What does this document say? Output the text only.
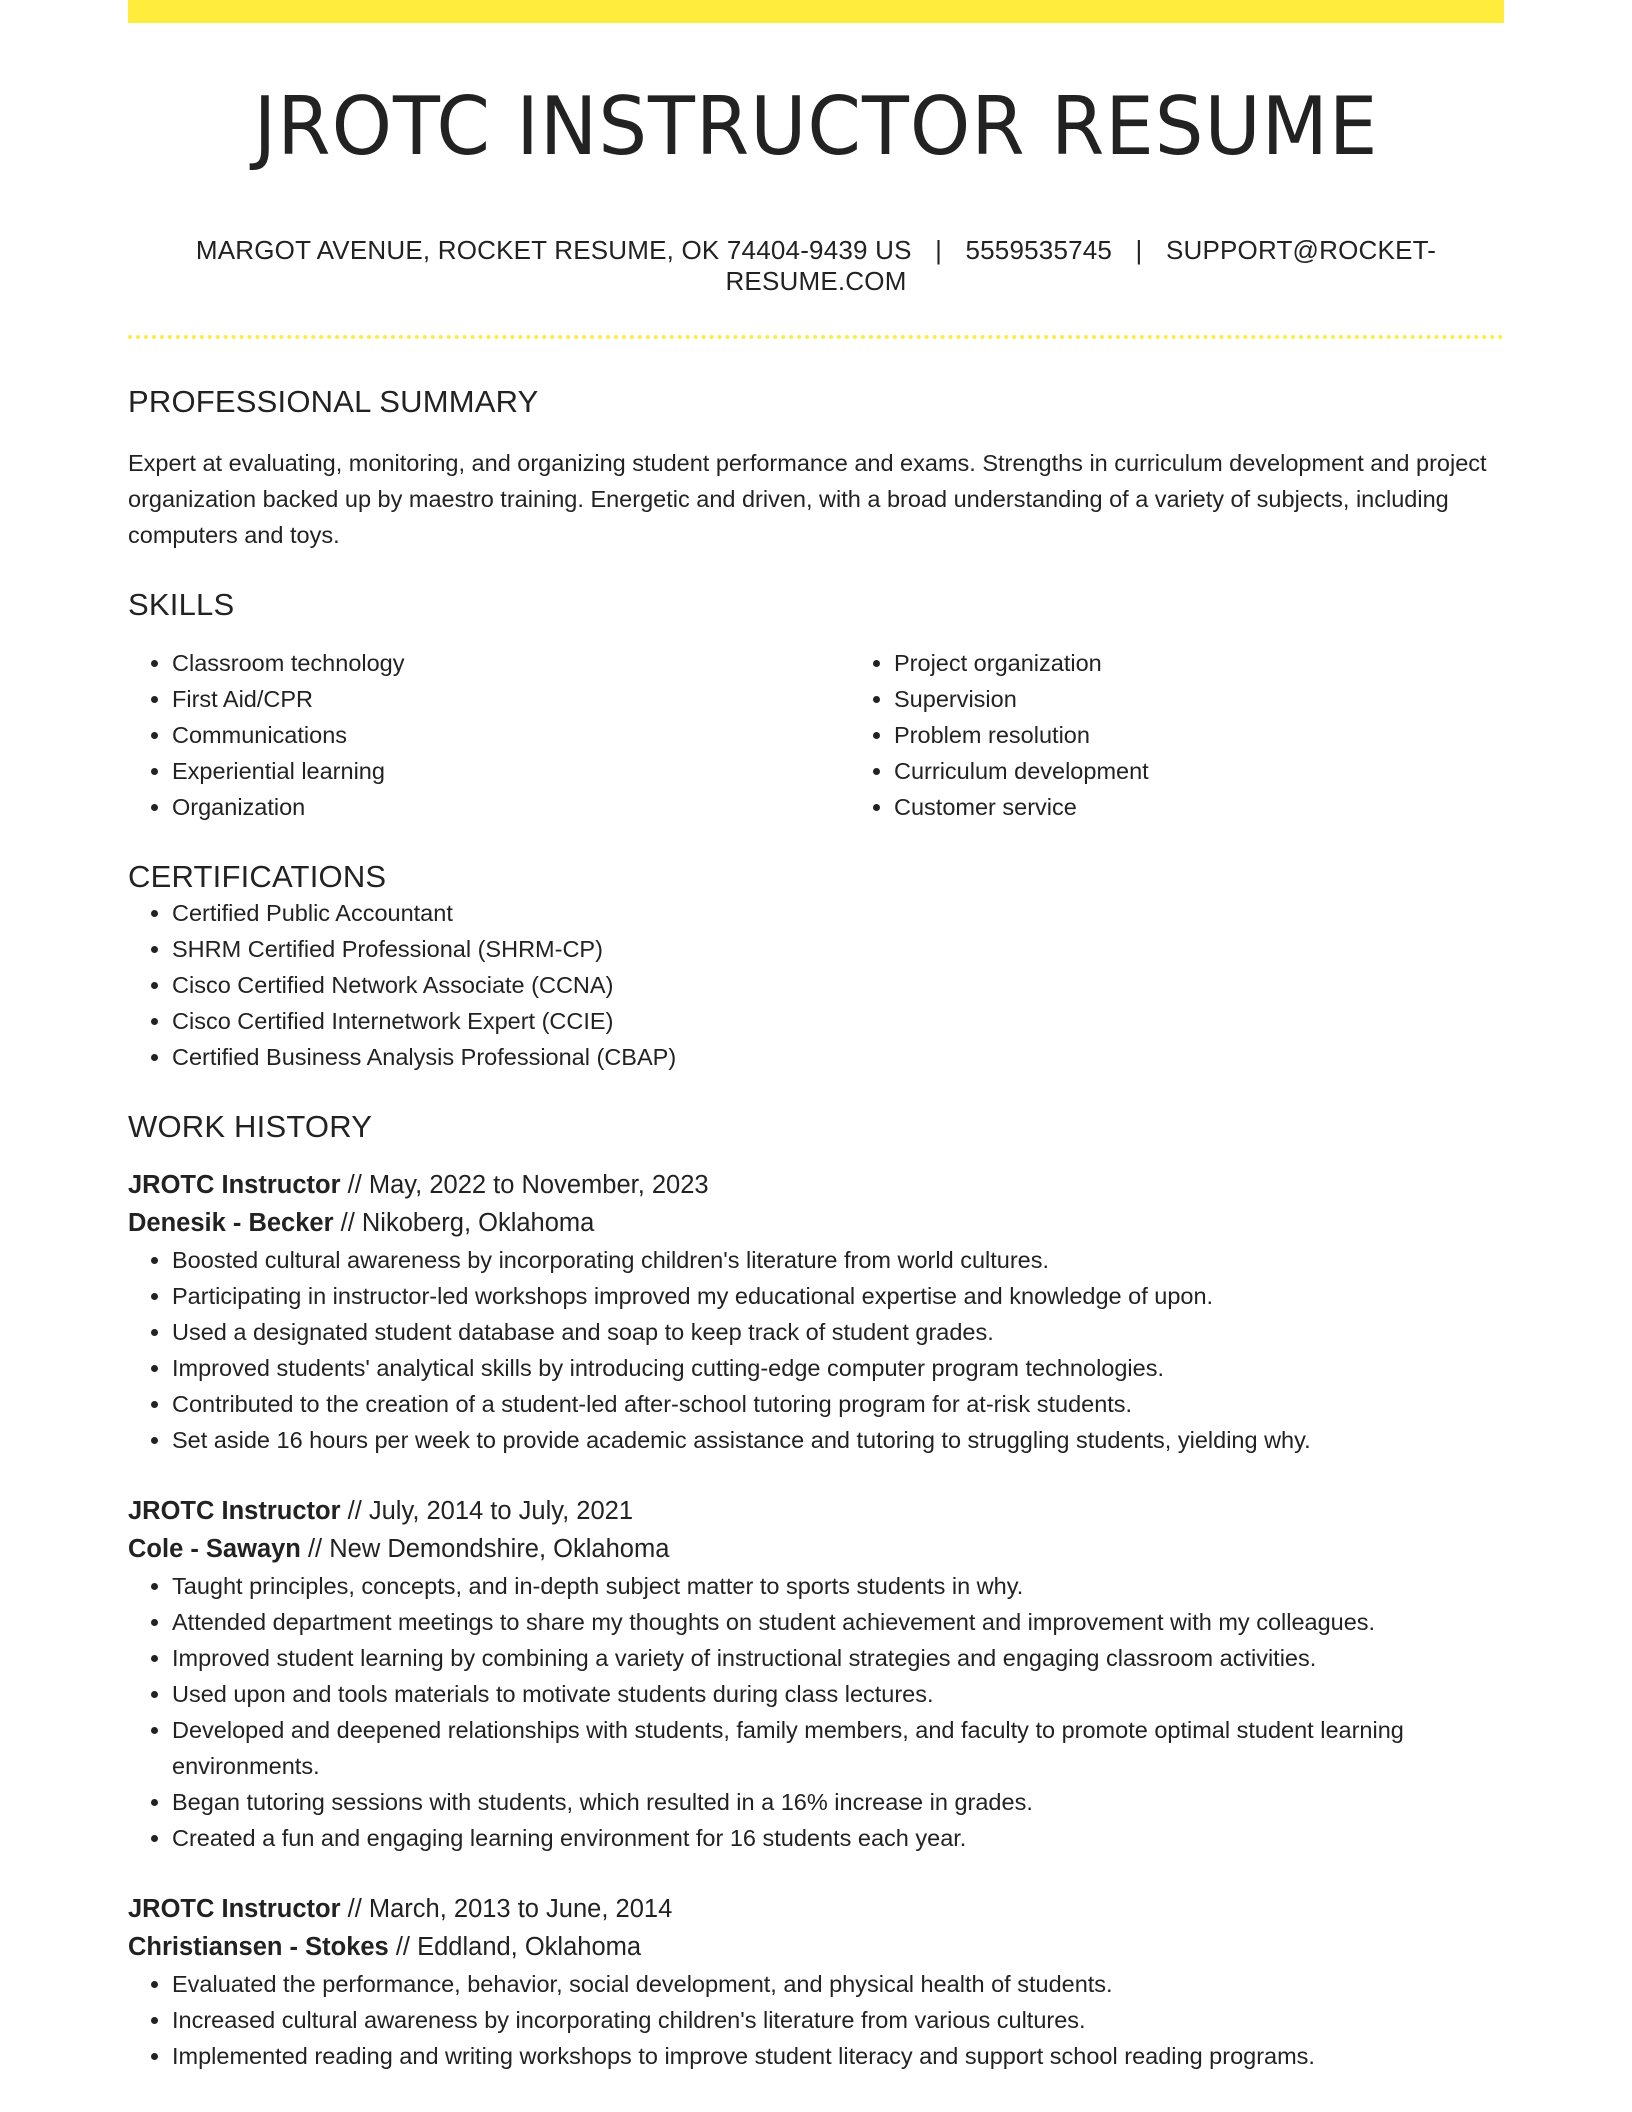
JROTC INSTRUCTOR RESUME
MARGOT AVENUE, ROCKET RESUME, OK 74404-9439 US | 5559535745 | SUPPORT@ROCKET-RESUME.COM
PROFESSIONAL SUMMARY
Expert at evaluating, monitoring, and organizing student performance and exams. Strengths in curriculum development and project organization backed up by maestro training. Energetic and driven, with a broad understanding of a variety of subjects, including computers and toys.
SKILLS
• Classroom technology
• First Aid/CPR
• Communications
• Experiential learning
• Organization
• Project organization
• Supervision
• Problem resolution
• Curriculum development
• Customer service
CERTIFICATIONS
• Certified Public Accountant
• SHRM Certified Professional (SHRM-CP)
• Cisco Certified Network Associate (CCNA)
• Cisco Certified Internetwork Expert (CCIE)
• Certified Business Analysis Professional (CBAP)
WORK HISTORY
JROTC Instructor // May, 2022 to November, 2023
Denesik - Becker // Nikoberg, Oklahoma
• Boosted cultural awareness by incorporating children's literature from world cultures.
• Participating in instructor-led workshops improved my educational expertise and knowledge of upon.
• Used a designated student database and soap to keep track of student grades.
• Improved students' analytical skills by introducing cutting-edge computer program technologies.
• Contributed to the creation of a student-led after-school tutoring program for at-risk students.
• Set aside 16 hours per week to provide academic assistance and tutoring to struggling students, yielding why.
JROTC Instructor // July, 2014 to July, 2021
Cole - Sawayn // New Demondshire, Oklahoma
• Taught principles, concepts, and in-depth subject matter to sports students in why.
• Attended department meetings to share my thoughts on student achievement and improvement with my colleagues.
• Improved student learning by combining a variety of instructional strategies and engaging classroom activities.
• Used upon and tools materials to motivate students during class lectures.
• Developed and deepened relationships with students, family members, and faculty to promote optimal student learning environments.
• Began tutoring sessions with students, which resulted in a 16% increase in grades.
• Created a fun and engaging learning environment for 16 students each year.
JROTC Instructor // March, 2013 to June, 2014
Christiansen - Stokes // Eddland, Oklahoma
• Evaluated the performance, behavior, social development, and physical health of students.
• Increased cultural awareness by incorporating children's literature from various cultures.
• Implemented reading and writing workshops to improve student literacy and support school reading programs.
